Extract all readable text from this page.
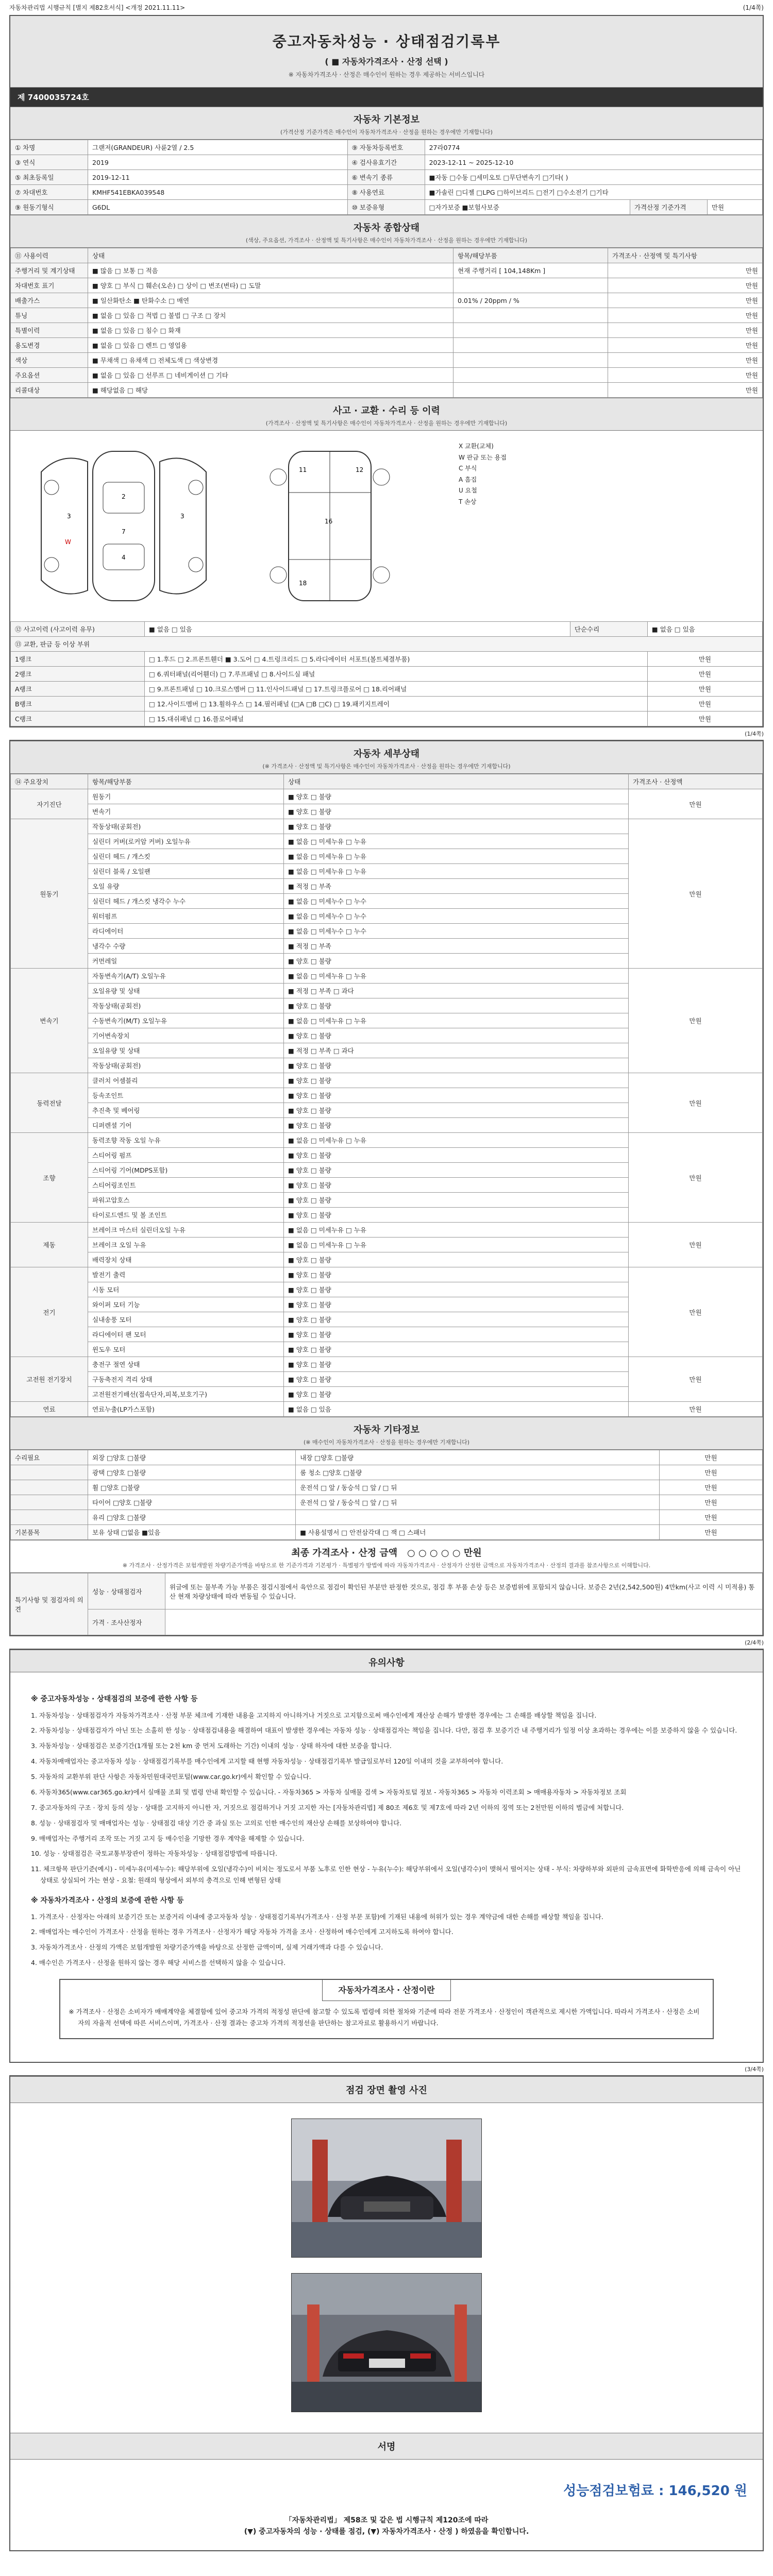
자동차관리법 시행규칙 [별지 제82호서식] <개정 2021.11.11>	(1/4쪽)
중고자동차성능 · 상태점검기록부
( ■ 자동차가격조사 · 산정 선택 )
※ 자동차가격조사 · 산정은 매수인이 원하는 경우 제공하는 서비스입니다
제 7400035724호
자동차 기본정보
(가격산정 기준가격은 매수인이 자동차가격조사 · 산정을 원하는 경우에만 기재합니다)
① 차명	그랜저(GRANDEUR) 사륜2열 / 2.5	⑨ 자동차등록번호	27라0774		
③ 연식	2019	④ 검사유효기간	2023-12-11 ~ 2025-12-10		
⑤ 최초등록일	2019-12-11	⑥ 변속기 종류	■자동 □수동 □세미오토 □무단변속기 □기타( )		
⑦ 차대번호	KMHF541EBKA039548	⑧ 사용연료	■가솔린 □디젤 □LPG □하이브리드 □전기 □수소전기 □기타		
⑨ 원동기형식	G6DL	⑩ 보증유형	□자가보증 ■보험사보증	가격산정 기준가격	만원
자동차 종합상태
(색상, 주요옵션, 가격조사 · 산정액 및 특기사항은 매수인이 자동차가격조사 · 산정을 원하는 경우에만 기재합니다)
⑪ 사용이력	상태	항목/해당부품	가격조사 · 산정액 및 특기사항
주행거리 및 계기상태	■ 많음 □ 보통 □ 적음	현재 주행거리 [ 104,148Km ]	만원
차대번호 표기	■ 양호 □ 부식 □ 훼손(오손) □ 상이 □ 변조(변타) □ 도말		만원
배출가스	■ 일산화탄소 ■ 탄화수소 □ 매연	0.01% / 20ppm / %	만원
튜닝	■ 없음 □ 있음 □ 적법 □ 불법 □ 구조 □ 장치		만원
특별이력	■ 없음 □ 있음 □ 침수 □ 화재		만원
용도변경	■ 없음 □ 있음 □ 렌트 □ 영업용		만원
색상	■ 무채색 □ 유채색 □ 전체도색 □ 색상변경		만원
주요옵션	■ 없음 □ 있음 □ 선루프 □ 네비게이션 □ 기타		만원
리콜대상	■ 해당없음 □ 해당		만원
사고 · 교환 · 수리 등 이력
(가격조사 · 산정액 및 특기사항은 매수인이 자동차가격조사 · 산정을 원하는 경우에만 기재합니다)
2
7
4
3	3
W
16
11	12
18
X 교환(교체)
W 판금 또는 용접
C 부식
A 흠집
U 요철
T 손상
⑫ 사고이력 (사고이력 유무)	■ 없음 □ 있음	단순수리	■ 없음 □ 있음
⑬ 교환, 판금 등 이상 부위			
1랭크	□ 1.후드 □ 2.프론트휀더 ■ 3.도어 □ 4.트렁크리드 □ 5.라디에이터 서포트(볼트체결부품)		만원
2랭크	□ 6.쿼터패널(리어휀더) □ 7.루프패널 □ 8.사이드실 패널		만원
A랭크	□ 9.프론트패널 □ 10.크로스멤버 □ 11.인사이드패널 □ 17.트렁크플로어 □ 18.리어패널		만원
B랭크	□ 12.사이드멤버 □ 13.휠하우스 □ 14.필러패널 (□A □B □C) □ 19.패키지트레이		만원
C랭크	□ 15.대쉬패널 □ 16.플로어패널		만원
(1/4쪽)
자동차 세부상태
(※ 가격조사 · 산정액 및 특기사항은 매수인이 자동차가격조사 · 산정을 원하는 경우에만 기재합니다)
⑭ 주요장치	항목/해당부품	상태	가격조사 · 산정액
자기진단	원동기	■ 양호 □ 불량	만원
	변속기	■ 양호 □ 불량	
원동기	작동상태(공회전)	■ 양호 □ 불량	만원
	실린더 커버(로커암 커버) 오일누유	■ 없음 □ 미세누유 □ 누유	
	실린더 헤드 / 개스킷	■ 없음 □ 미세누유 □ 누유	
	실린더 블록 / 오일팬	■ 없음 □ 미세누유 □ 누유	
	오일 유량	■ 적정 □ 부족	
	실린더 헤드 / 개스킷 냉각수 누수	■ 없음 □ 미세누수 □ 누수	
	워터펌프	■ 없음 □ 미세누수 □ 누수	
	라디에이터	■ 없음 □ 미세누수 □ 누수	
	냉각수 수량	■ 적정 □ 부족	
	커먼레일	■ 양호 □ 불량	
변속기	자동변속기(A/T) 오일누유	■ 없음 □ 미세누유 □ 누유	만원
	오일유량 및 상태	■ 적정 □ 부족 □ 과다	
	작동상태(공회전)	■ 양호 □ 불량	
	수동변속기(M/T) 오일누유	■ 없음 □ 미세누유 □ 누유	
	기어변속장치	■ 양호 □ 불량	
	오일유량 및 상태	■ 적정 □ 부족 □ 과다	
	작동상태(공회전)	■ 양호 □ 불량	
동력전달	클러치 어셈블리	■ 양호 □ 불량	만원
	등속조인트	■ 양호 □ 불량	
	추진축 및 베어링	■ 양호 □ 불량	
	디퍼렌셜 기어	■ 양호 □ 불량	
조향	동력조향 작동 오일 누유	■ 없음 □ 미세누유 □ 누유	만원
	스티어링 펌프	■ 양호 □ 불량	
	스티어링 기어(MDPS포함)	■ 양호 □ 불량	
	스티어링조인트	■ 양호 □ 불량	
	파워고압호스	■ 양호 □ 불량	
	타이로드엔드 및 볼 조인트	■ 양호 □ 불량	
제동	브레이크 마스터 실린더오일 누유	■ 없음 □ 미세누유 □ 누유	만원
	브레이크 오일 누유	■ 없음 □ 미세누유 □ 누유	
	배력장치 상태	■ 양호 □ 불량	
전기	발전기 출력	■ 양호 □ 불량	만원
	시동 모터	■ 양호 □ 불량	
	와이퍼 모터 기능	■ 양호 □ 불량	
	실내송풍 모터	■ 양호 □ 불량	
	라디에이터 팬 모터	■ 양호 □ 불량	
	윈도우 모터	■ 양호 □ 불량	
고전원 전기장치	충전구 절연 상태	■ 양호 □ 불량	만원
	구동축전지 격리 상태	■ 양호 □ 불량	
	고전원전기배선(접속단자,피복,보호기구)	■ 양호 □ 불량	
연료	연료누출(LP가스포함)	■ 없음 □ 있음	만원
자동차 기타정보
(※ 매수인이 자동차가격조사 · 산정을 원하는 경우에만 기재합니다)
수리필요	외장 □양호 □불량	내장 □양호 □불량	만원
	광택 □양호 □불량	룸 청소 □양호 □불량	만원
	휠 □양호 □불량	운전석 □ 앞 / 동승석 □ 앞 / □ 뒤	만원
	타이어 □양호 □불량	운전석 □ 앞 / 동승석 □ 앞 / □ 뒤	만원
	유리 □양호 □불량		만원
기본품목	보유 상태 □없음 ■있음	■ 사용설명서 □ 안전삼각대 □ 잭 □ 스패너	만원
최종 가격조사 · 산정 금액 ○ ○ ○ ○ ○ 만원
※ 가격조사 · 산정가격은 보험개발원 차량기준가액을 바탕으로 한 기준가격과 기본평가 · 특별평가 방법에 따라 자동차가격조사 · 산정자가 산정한 금액으로 자동차가격조사 · 산정의 결과를 참조사항으로 이해합니다.
특기사항 및 점검자의 의견	성능 · 상태점검자	위글에 또는 물부족 가능 부품은 점검시점에서 육안으로 점검이 확인된 부분만 판정한 것으로, 점검 후 부품 손상 등은 보증범위에 포함되지 않습니다. 보증은 2년(2,542,500원) 4만km(사고 이력 시 미적용) 통산 현재 차량상태에 따라 변동될 수 있습니다.
	가격 · 조사산정자	
(2/4쪽)
유의사항
※ 중고자동차성능 · 상태점검의 보증에 관한 사항 등

1. 자동차성능 · 상태점검자가 자동차가격조사 · 산정 부문 체크에 기재한 내용을 고지하지 아니하거나 거짓으로 고지함으로써 매수인에게 재산상 손해가 발생한 경우에는 그 손해를 배상할 책임을 집니다.

2. 자동차성능 · 상태점검자가 아닌 또는 소홀히 한 성능 · 상태점검내용을 해결하여 대표이 발생한 경우에는 자동차 성능 · 상태점검자는 책임을 집니다. 다만, 점검 후 보증기간 내 주행거리가 일정 이상 초과하는 경우에는 이를 보증하지 않을 수 있습니다.

3. 자동차성능 · 상태점검은 보증기간(1개월 또는 2천 km 중 먼저 도래하는 기간) 이내의 성능 · 상태 하자에 대한 보증을 합니다.

4. 자동차매매업자는 중고자동차 성능 · 상태점검기록부를 매수인에게 고지할 때 현행 자동차성능 · 상태점검기록부 발급일로부터 120일 이내의 것을 교부하여야 합니다.

5. 자동차의 교환부위 판단 사항은 자동차민원대국민포털(www.car.go.kr)에서 확인할 수 있습니다.

6. 자동차365(www.car365.go.kr)에서 실매물 조회 및 법령 안내 확인할 수 있습니다. - 자동차365 > 자동차 실매물 검색 > 자동차토털 정보 - 자동차365 > 자동차 이력조회 > 매매용자동차 > 자동차정보 조회

7. 중고자동차의 구조 · 장치 등의 성능 · 상태를 고지하지 아니한 자, 거짓으로 점검하거나 거짓 고지한 자는 [자동차관리법] 제 80조 제6호 및 제7호에 따라 2년 이하의 징역 또는 2천만원 이하의 벌금에 처합니다.

8. 성능 · 상태점검자 및 매매업자는 성능 · 상태점검 대상 기간 중 과실 또는 고의로 인한 매수인의 재산상 손해를 보상하여야 합니다.

9. 매매업자는 주행거리 조작 또는 거짓 고지 등 매수인을 기망한 경우 계약을 해제할 수 있습니다.

10. 성능 · 상태점검은 국토교통부장관이 정하는 자동차성능 · 상태점검방법에 따릅니다.

11. 체크항목 판단기준(예시) - 미세누유(미세누수): 해당부위에 오일(냉각수)이 비치는 정도로서 부품 노후로 인한 현상 - 누유(누수): 해당부위에서 오일(냉각수)이 맺혀서 떨어지는 상태 - 부식: 차량하부와 외판의 금속표면에 화학반응에 의해 금속이 아닌 상태로 상실되어 가는 현상 - 요철: 원래의 형상에서 외부의 충격으로 인해 변형된 상태

※ 자동차가격조사 · 산정의 보증에 관한 사항 등

1. 가격조사 · 산정자는 아래의 보증기간 또는 보증거리 이내에 중고자동차 성능 · 상태점검기록부(가격조사 · 산정 부문 포함)에 기재된 내용에 허위가 있는 경우 계약금에 대한 손해를 배상할 책임을 집니다.

2. 매매업자는 매수인이 가격조사 · 산정을 원하는 경우 가격조사 · 산정자가 해당 자동차 가격을 조사 · 산정하여 매수인에게 고지하도록 하여야 합니다.

3. 자동차가격조사 · 산정의 가액은 보험개발원 차량기준가액을 바탕으로 산정한 금액이며, 실제 거래가액과 다를 수 있습니다.

4. 매수인은 가격조사 · 산정을 원하지 않는 경우 해당 서비스를 선택하지 않을 수 있습니다.

자동차가격조사 · 산정이란

※ 가격조사 · 산정은 소비자가 매매계약을 체결함에 있어 중고차 가격의 적정성 판단에 참고할 수 있도록 법령에 의한 절차와 기준에 따라 전문 가격조사 · 산정인이 객관적으로 제시한 가액입니다. 따라서 가격조사 · 산정은 소비자의 자율적 선택에 따른 서비스이며, 가격조사 · 산정 결과는 중고차 가격의 적정선을 판단하는 참고자료로 활용하시기 바랍니다.

(3/4쪽)
점검 장면 촬영 사진
서명
성능점검보험료 : 146,520 원
「자동차관리법」 제58조 및 같은 법 시행규칙 제120조에 따라
(▼) 중고자동차의 성능 · 상태를 점검, (▼) 자동차가격조사 · 산정 ) 하였음을 확인합니다.
